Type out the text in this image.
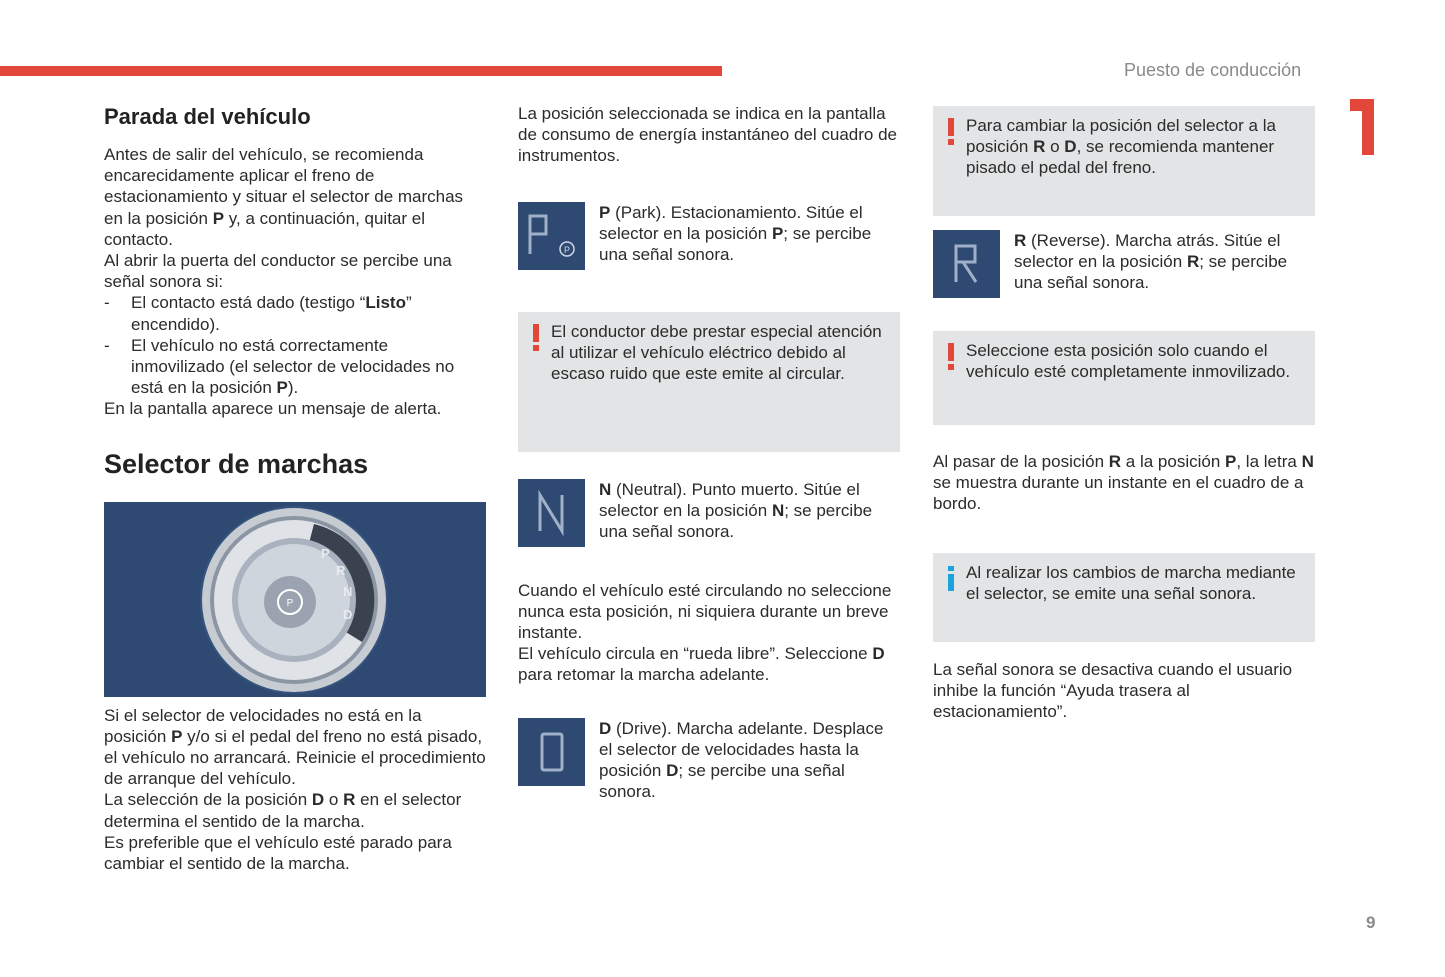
Puesto de conducción
9
Parada del vehículo

Antes de salir del vehículo, se recomienda encarecidamente aplicar el freno de estacionamiento y situar el selector de marchas en la posición P y, a continuación, quitar el contacto.

Al abrir la puerta del conductor se percibe una señal sonora si:

-	El contacto está dado (testigo “Listo” encendido).
-	El vehículo no está correctamente inmovilizado (el selector de velocidades no está en la posición P).

En la pantalla aparece un mensaje de alerta.

Selector de marchas
P
P
R
N
D

Si el selector de velocidades no está en la posición P y/o si el pedal del freno no está pisado, el vehículo no arrancará. Reinicie el procedimiento de arranque del vehículo.

La selección de la posición D o R en el selector determina el sentido de la marcha.

Es preferible que el vehículo esté parado para cambiar el sentido de la marcha.

La posición seleccionada se indica en la pantalla de consumo de energía instantáneo del cuadro de instrumentos.

P

P (Park). Estacionamiento. Sitúe el selector en la posición P; se percibe una señal sonora.

El conductor debe prestar especial atención al utilizar el vehículo eléctrico debido al escaso ruido que este emite al circular.

N (Neutral). Punto muerto. Sitúe el selector en la posición N; se percibe una señal sonora.

Cuando el vehículo esté circulando no seleccione nunca esta posición, ni siquiera durante un breve instante.

El vehículo circula en “rueda libre”. Seleccione D para retomar la marcha adelante.

D (Drive). Marcha adelante. Desplace el selector de velocidades hasta la posición D; se percibe una señal sonora.

Para cambiar la posición del selector a la posición R o D, se recomienda mantener pisado el pedal del freno.

R (Reverse). Marcha atrás. Sitúe el selector en la posición R; se percibe una señal sonora.

Seleccione esta posición solo cuando el vehículo esté completamente inmovilizado.

Al pasar de la posición R a la posición P, la letra N se muestra durante un instante en el cuadro de a bordo.

Al realizar los cambios de marcha mediante el selector, se emite una señal sonora.

La señal sonora se desactiva cuando el usuario inhibe la función “Ayuda trasera al estacionamiento”.
